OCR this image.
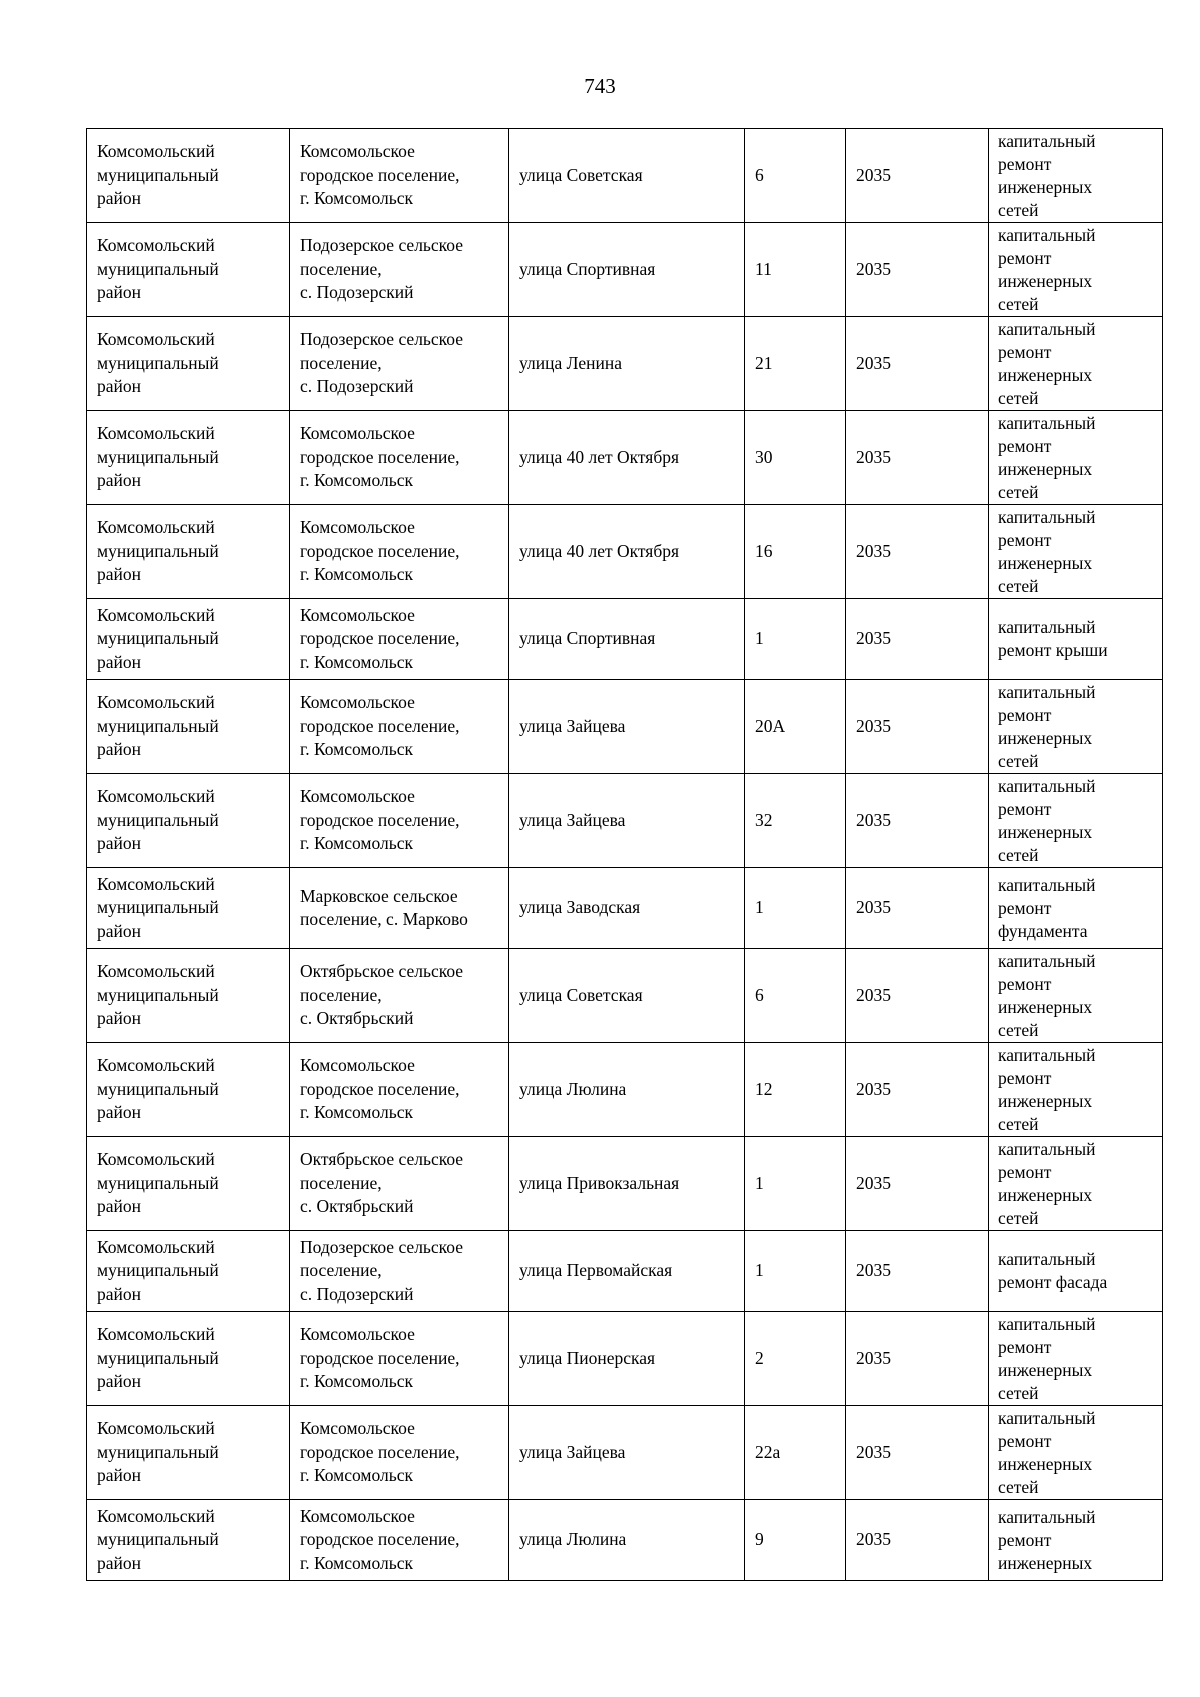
743
Комсомольский
муниципальный
район	Комсомольское
городское поселение,
г. Комсомольск	улица Советская	6	2035	капитальный
ремонт
инженерных
сетей

Комсомольский
муниципальный
район	Подозерское сельское
поселение,
с. Подозерский	улица Спортивная	11	2035	капитальный
ремонт
инженерных
сетей

Комсомольский
муниципальный
район	Подозерское сельское
поселение,
с. Подозерский	улица Ленина	21	2035	капитальный
ремонт
инженерных
сетей

Комсомольский
муниципальный
район	Комсомольское
городское поселение,
г. Комсомольск	улица 40 лет Октября	30	2035	капитальный
ремонт
инженерных
сетей

Комсомольский
муниципальный
район	Комсомольское
городское поселение,
г. Комсомольск	улица 40 лет Октября	16	2035	капитальный
ремонт
инженерных
сетей

Комсомольский
муниципальный
район	Комсомольское
городское поселение,
г. Комсомольск	улица Спортивная	1	2035	капитальный
ремонт крыши

Комсомольский
муниципальный
район	Комсомольское
городское поселение,
г. Комсомольск	улица Зайцева	20А	2035	капитальный
ремонт
инженерных
сетей

Комсомольский
муниципальный
район	Комсомольское
городское поселение,
г. Комсомольск	улица Зайцева	32	2035	капитальный
ремонт
инженерных
сетей

Комсомольский
муниципальный
район	Марковское сельское
поселение, с. Марково	улица Заводская	1	2035	капитальный
ремонт
фундамента

Комсомольский
муниципальный
район	Октябрьское сельское
поселение,
с. Октябрьский	улица Советская	6	2035	капитальный
ремонт
инженерных
сетей

Комсомольский
муниципальный
район	Комсомольское
городское поселение,
г. Комсомольск	улица Люлина	12	2035	капитальный
ремонт
инженерных
сетей

Комсомольский
муниципальный
район	Октябрьское сельское
поселение,
с. Октябрьский	улица Привокзальная	1	2035	капитальный
ремонт
инженерных
сетей

Комсомольский
муниципальный
район	Подозерское сельское
поселение,
с. Подозерский	улица Первомайская	1	2035	капитальный
ремонт фасада

Комсомольский
муниципальный
район	Комсомольское
городское поселение,
г. Комсомольск	улица Пионерская	2	2035	капитальный
ремонт
инженерных
сетей

Комсомольский
муниципальный
район	Комсомольское
городское поселение,
г. Комсомольск	улица Зайцева	22а	2035	капитальный
ремонт
инженерных
сетей

Комсомольский
муниципальный
район	Комсомольское
городское поселение,
г. Комсомольск	улица Люлина	9	2035	капитальный
ремонт
инженерных
